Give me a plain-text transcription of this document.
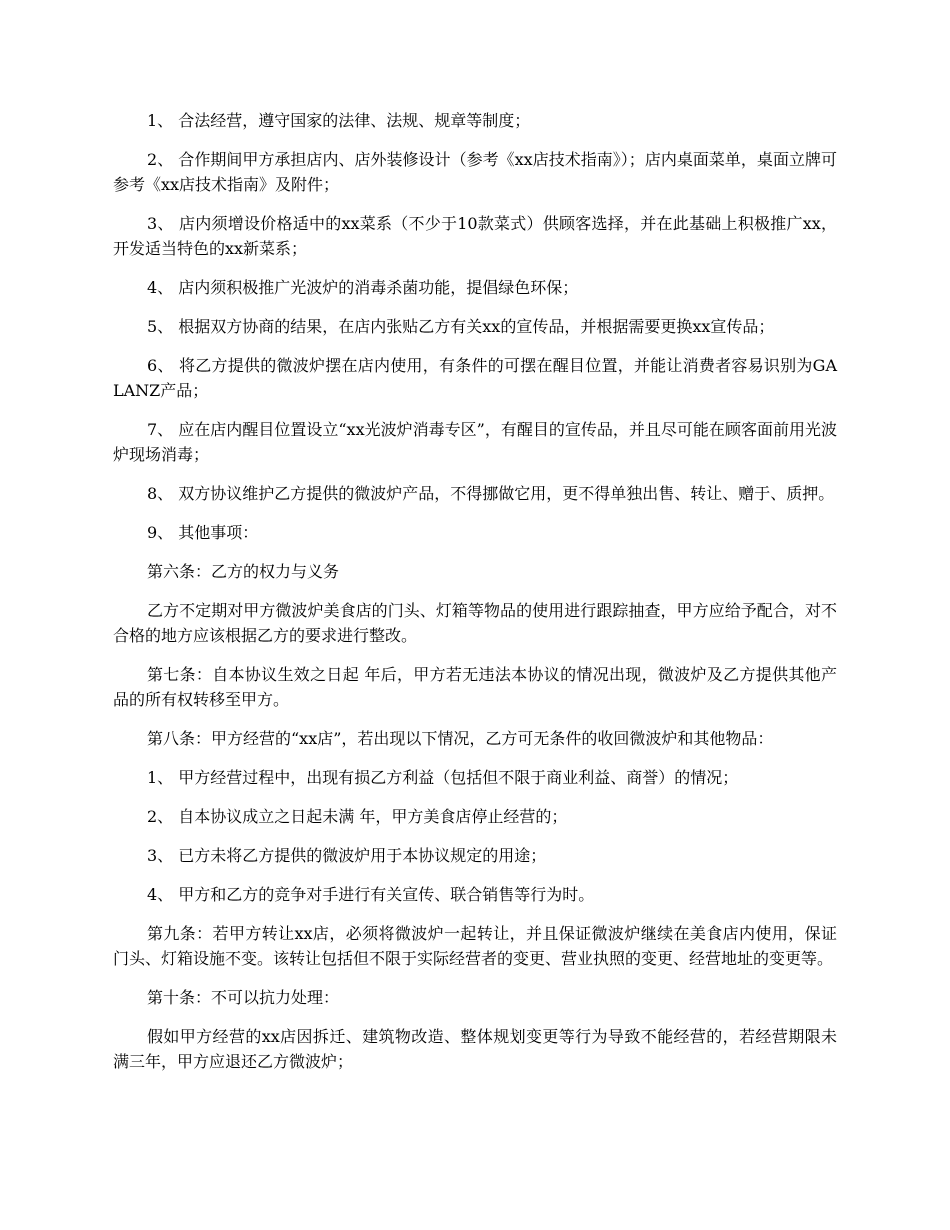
1、 合法经营，遵守国家的法律、法规、规章等制度；

2、 合作期间甲方承担店内、店外装修设计（参考《xx店技术指南》）；店内桌面菜单，桌面立牌可参考《xx店技术指南》及附件；

3、 店内须增设价格适中的xx菜系（不少于10款菜式）供顾客选择，并在此基础上积极推广xx，开发适当特色的xx新菜系；

4、 店内须积极推广光波炉的消毒杀菌功能，提倡绿色环保；

5、 根据双方协商的结果，在店内张贴乙方有关xx的宣传品，并根据需要更换xx宣传品；

6、 将乙方提供的微波炉摆在店内使用，有条件的可摆在醒目位置，并能让消费者容易识别为GALANZ产品；

7、 应在店内醒目位置设立“xx光波炉消毒专区”，有醒目的宣传品，并且尽可能在顾客面前用光波炉现场消毒；

8、 双方协议维护乙方提供的微波炉产品，不得挪做它用，更不得单独出售、转让、赠于、质押。

9、 其他事项：

第六条：乙方的权力与义务

乙方不定期对甲方微波炉美食店的门头、灯箱等物品的使用进行跟踪抽查，甲方应给予配合，对不合格的地方应该根据乙方的要求进行整改。

第七条：自本协议生效之日起 年后，甲方若无违法本协议的情况出现，微波炉及乙方提供其他产品的所有权转移至甲方。

第八条：甲方经营的“xx店”，若出现以下情况，乙方可无条件的收回微波炉和其他物品：

1、 甲方经营过程中，出现有损乙方利益（包括但不限于商业利益、商誉）的情况；

2、 自本协议成立之日起未满 年，甲方美食店停止经营的；

3、 已方未将乙方提供的微波炉用于本协议规定的用途；

4、 甲方和乙方的竞争对手进行有关宣传、联合销售等行为时。

第九条：若甲方转让xx店，必须将微波炉一起转让，并且保证微波炉继续在美食店内使用，保证门头、灯箱设施不变。该转让包括但不限于实际经营者的变更、营业执照的变更、经营地址的变更等。

第十条：不可以抗力处理：

假如甲方经营的xx店因拆迁、建筑物改造、整体规划变更等行为导致不能经营的，若经营期限未满三年，甲方应退还乙方微波炉；
